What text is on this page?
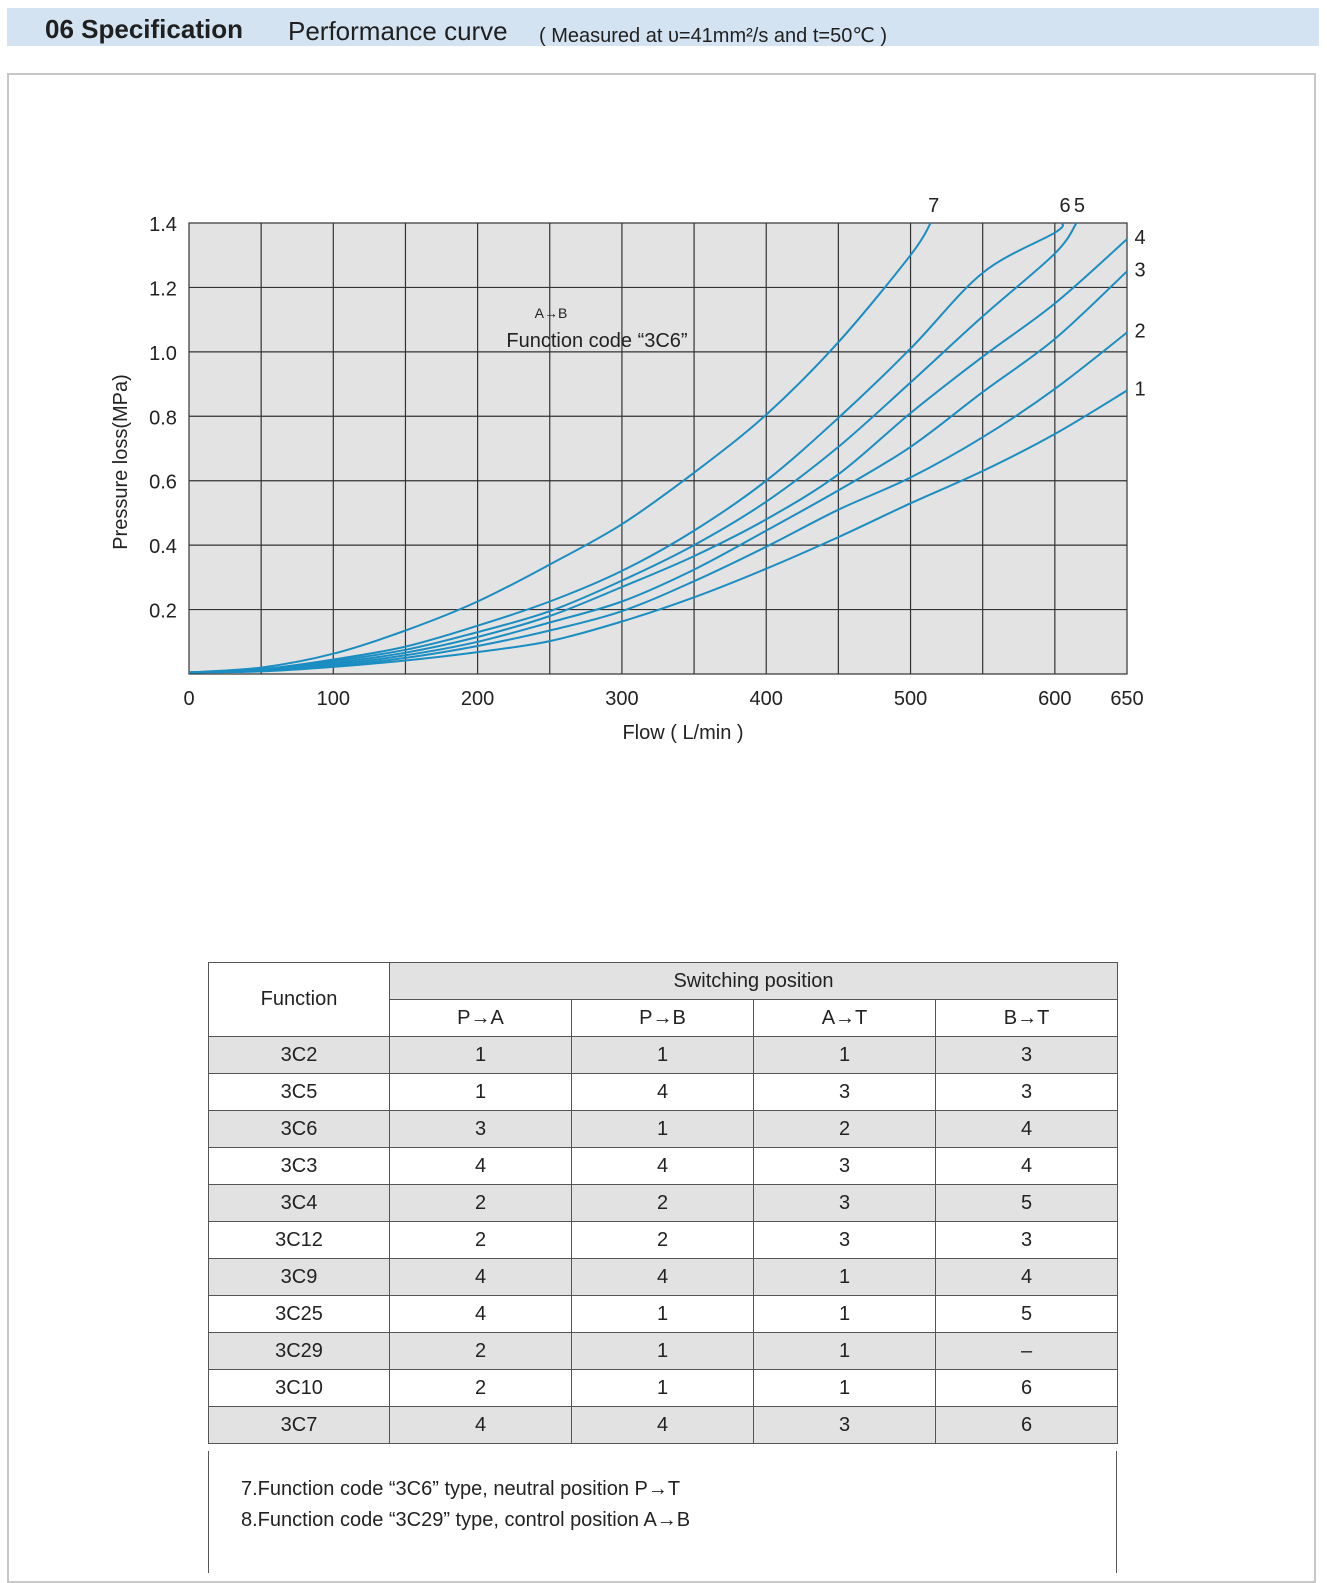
06 Specification Performance curve ( Measured at υ=41mm²/s and t=50℃ )
0	100	200	300	400	500	600 650
0.2
0.4
0.6
0.8
1.0
1.2
1.4
1
2
3
4
5
6
7
A→B
Function code “3C6”
Flow ( L/min )
Pressure loss(MPa)
Function	Switching position			
	P→A	P→B	A→T	B→T
3C2	1	1	1	3
3C5	1	4	3	3
3C6	3	1	2	4
3C3	4	4	3	4
3C4	2	2	3	5
3C12	2	2	3	3
3C9	4	4	1	4
3C25	4	1	1	5
3C29	2	1	1	–
3C10	2	1	1	6
3C7	4	4	3	6
7.Function code “3C6” type, neutral position P→T
8.Function code “3C29” type, control position A→B
